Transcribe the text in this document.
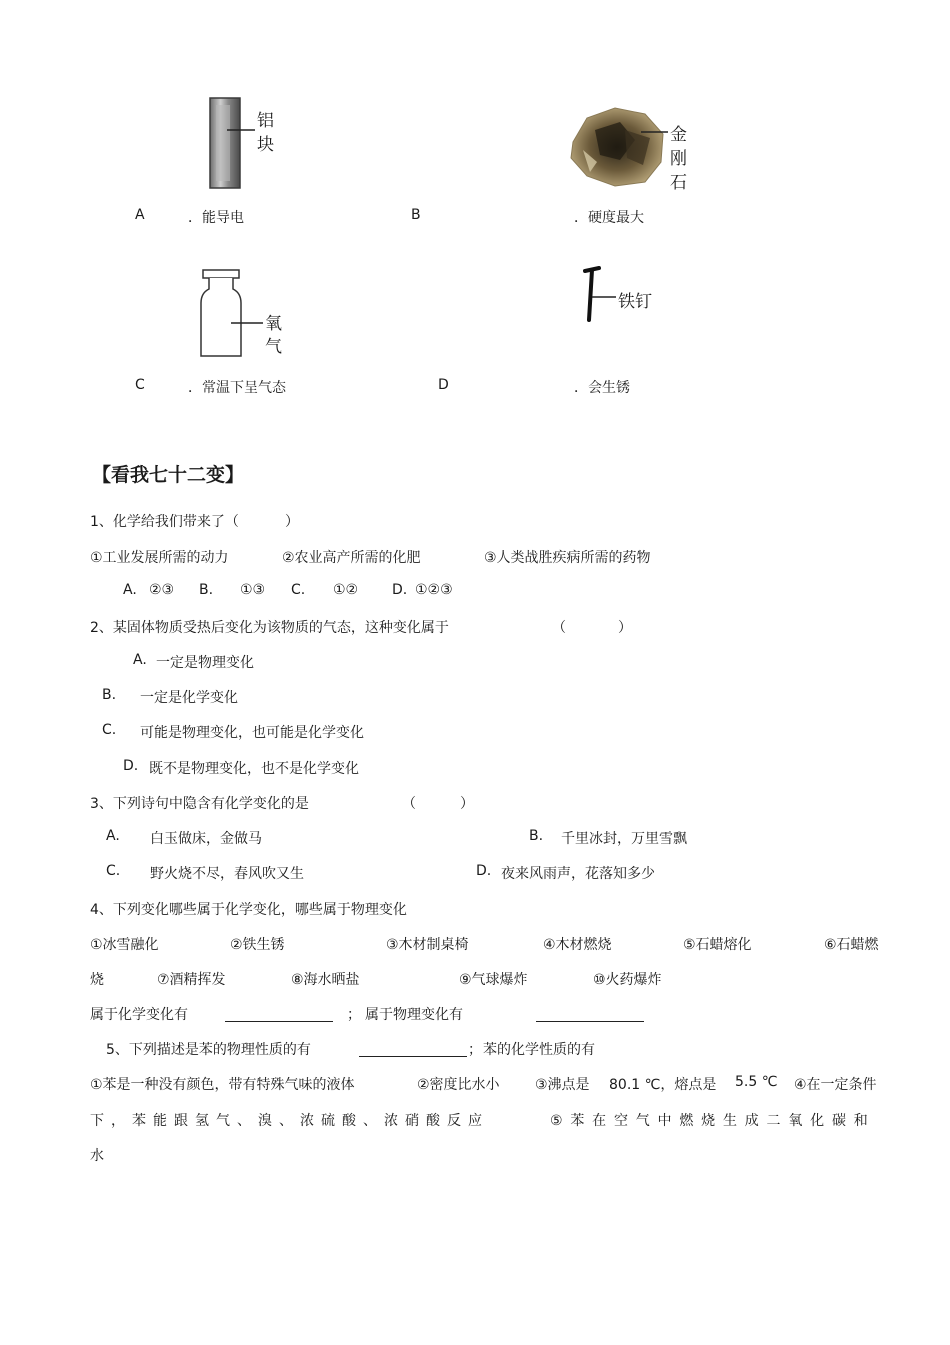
铝
块
A	．能导电
金
刚
石
B	．硬度最大
氧
气
C	．常温下呈气态
铁钉
D	．会生锈
【看我七十二变】
1、化学给我们带来了（	）
①工业发展所需的动力	②农业高产所需的化肥	③人类战胜疾病所需的药物
A. ②③ B. ①③ C. ①② D. ①②③
2、某固体物质受热后变化为该物质的气态，这种变化属于	（	）
A. 一定是物理变化
B. 一定是化学变化
C. 可能是物理变化，也可能是化学变化
D. 既不是物理变化，也不是化学变化
3、下列诗句中隐含有化学变化的是	（	）
A. 白玉做床，金做马	B. 千里冰封，万里雪飘
C. 野火烧不尽，春风吹又生	D. 夜来风雨声，花落知多少
4、下列变化哪些属于化学变化，哪些属于物理变化
①冰雪融化	②铁生锈	③木材制桌椅	④木材燃烧	⑤石蜡熔化	⑥石蜡燃
烧	⑦酒精挥发	⑧海水晒盐	⑨气球爆炸	⑩火药爆炸
属于化学变化有	； 属于物理变化有
5、下列描述是苯的物理性质的有	； 苯的化学性质的有
①苯是一种没有颜色，带有特殊气味的液体	②密度比水小	③沸点是 80.1 ℃，熔点是 5.5 ℃ ④在一定条件
下，苯能跟氢气、溴、浓硫酸、浓硝酸反应	⑤苯在空气中燃烧生成二氧化碳和
水
